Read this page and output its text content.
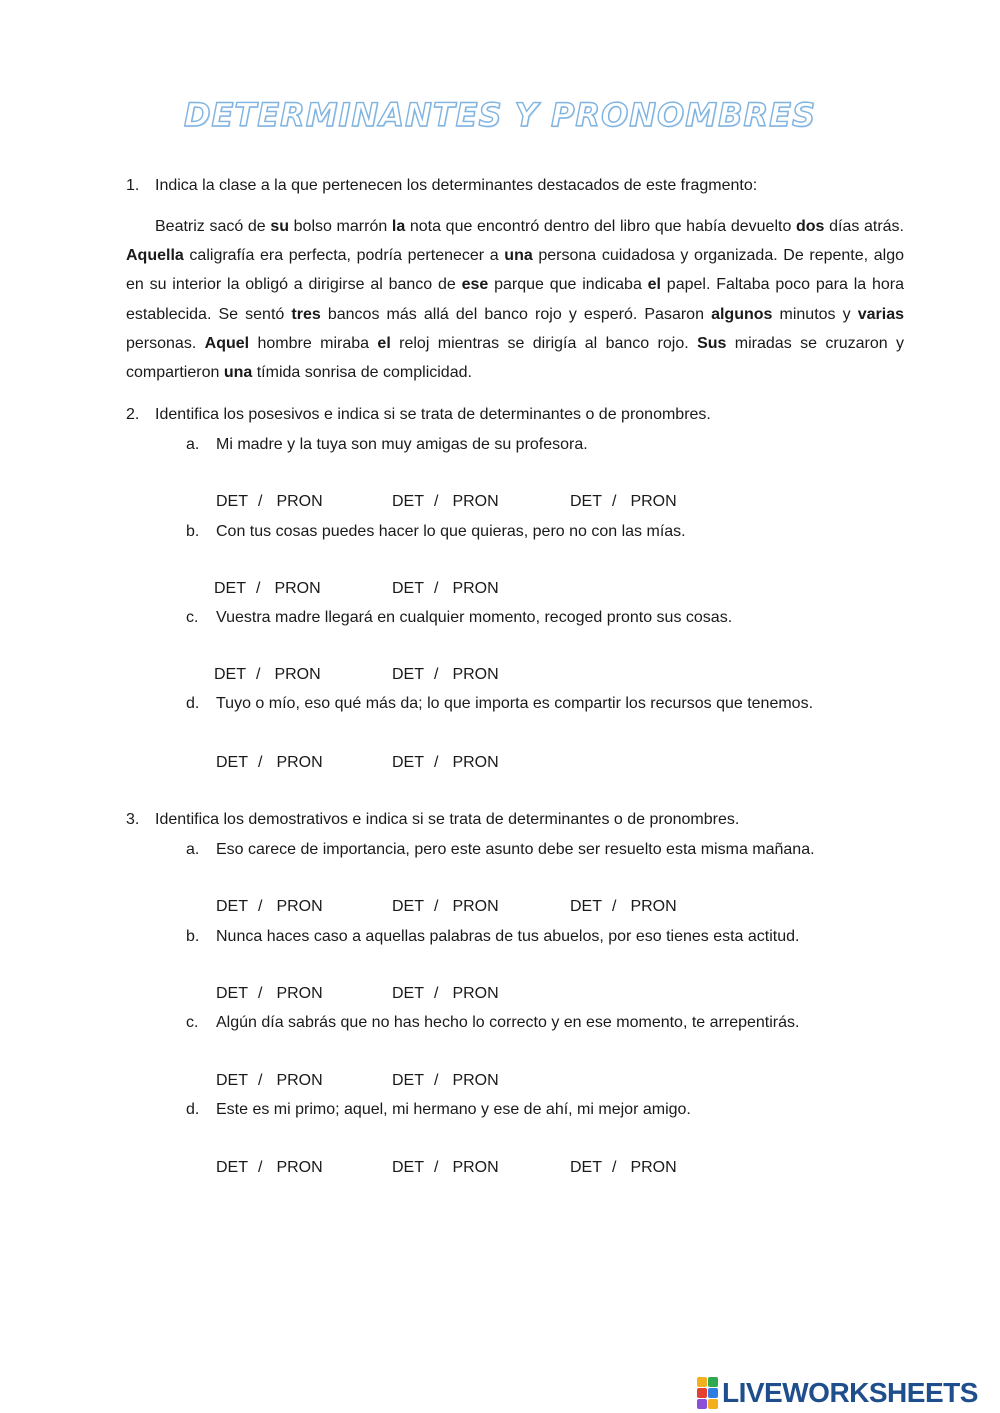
DETERMINANTES Y PRONOMBRES
1. Indica la clase a la que pertenecen los determinantes destacados de este fragmento:
Beatriz sacó de su bolso marrón la nota que encontró dentro del libro que había devuelto dos días atrás. Aquella caligrafía era perfecta, podría pertenecer a una persona cuidadosa y organizada. De repente, algo en su interior la obligó a dirigirse al banco de ese parque que indicaba el papel. Faltaba poco para la hora establecida. Se sentó tres bancos más allá del banco rojo y esperó. Pasaron algunos minutos y varias personas. Aquel hombre miraba el reloj mientras se dirigía al banco rojo. Sus miradas se cruzaron y compartieron una tímida sonrisa de complicidad.
2. Identifica los posesivos e indica si se trata de determinantes o de pronombres.
a. Mi madre y la tuya son muy amigas de su profesora.
b. Con tus cosas puedes hacer lo que quieras, pero no con las mías.
c. Vuestra madre llegará en cualquier momento, recoged pronto sus cosas.
d. Tuyo o mío, eso qué más da; lo que importa es compartir los recursos que tenemos.
3. Identifica los demostrativos e indica si se trata de determinantes o de pronombres.
a. Eso carece de importancia, pero este asunto debe ser resuelto esta misma mañana.
b. Nunca haces caso a aquellas palabras de tus abuelos, por eso tienes esta actitud.
c. Algún día sabrás que no has hecho lo correcto y en ese momento, te arrepentirás.
d. Este es mi primo; aquel, mi hermano y ese de ahí, mi mejor amigo.
LIVEWORKSHEETS
DET / PRON	DET / PRON	DET / PRON
DET / PRON	DET / PRON
DET / PRON	DET / PRON
DET / PRON	DET / PRON
DET / PRON	DET / PRON	DET / PRON
DET / PRON	DET / PRON
DET / PRON	DET / PRON
DET / PRON	DET / PRON	DET / PRON
